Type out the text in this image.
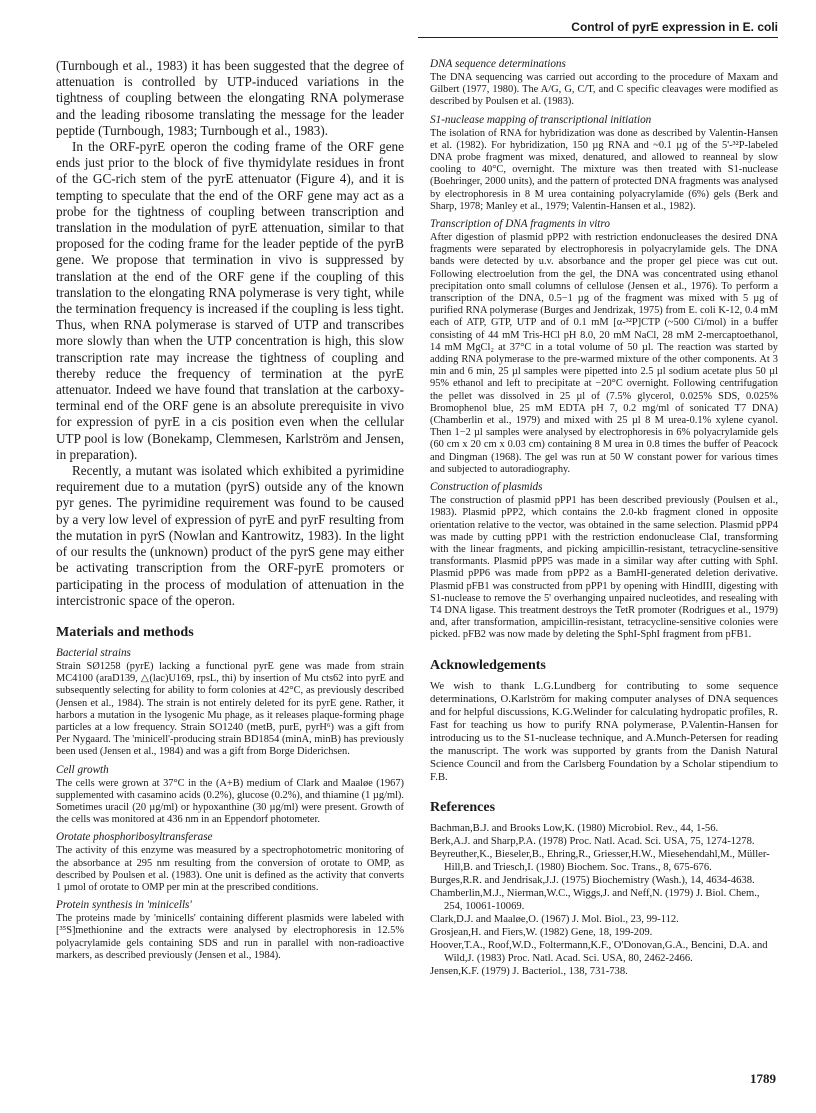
Control of pyrE expression in E. coli

(Turnbough et al., 1983) it has been suggested that the degree of attenuation is controlled by UTP-induced variations in the tightness of coupling between the elongating RNA polymerase and the leading ribosome translating the message for the leader peptide (Turnbough, 1983; Turnbough et al., 1983).

In the ORF-pyrE operon the coding frame of the ORF gene ends just prior to the block of five thymidylate residues in front of the GC-rich stem of the pyrE attenuator (Figure 4), and it is tempting to speculate that the end of the ORF gene may act as a probe for the tightness of coupling between transcription and translation in the modulation of pyrE attenuation, similar to that proposed for the coding frame for the leader peptide of the pyrB gene. We propose that termination in vivo is suppressed by translation at the end of the ORF gene if the coupling of this translation to the elongating RNA polymerase is very tight, while the termination frequency is increased if the coupling is less tight. Thus, when RNA polymerase is starved of UTP and transcribes more slowly than when the UTP concentration is high, this slow transcription rate may increase the tightness of coupling and thereby reduce the frequency of termination at the pyrE attenuator. Indeed we have found that translation at the carboxy-terminal end of the ORF gene is an absolute prerequisite in vivo for expression of pyrE in a cis position even when the cellular UTP pool is low (Bonekamp, Clemmesen, Karlström and Jensen, in preparation).

Recently, a mutant was isolated which exhibited a pyrimidine requirement due to a mutation (pyrS) outside any of the known pyr genes. The pyrimidine requirement was found to be caused by a very low level of expression of pyrE and pyrF resulting from the mutation in pyrS (Nowlan and Kantrowitz, 1983). In the light of our results the (unknown) product of the pyrS gene may either be activating transcription from the ORF-pyrE promoters or participating in the process of modulation of attenuation in the intercistronic space of the operon.

Materials and methods
Bacterial strains

Strain SØ1258 (pyrE) lacking a functional pyrE gene was made from strain MC4100 (araD139, △(lac)U169, rpsL, thi) by insertion of Mu cts62 into pyrE and subsequently selecting for ability to form colonies at 42°C, as previously described (Jensen et al., 1984). The strain is not entirely deleted for its pyrE gene. Rather, it harbors a mutation in the lysogenic Mu phage, as it releases plaque-forming phage particles at a low frequency. Strain SO1240 (metB, purE, pyrH⁶) was a gift from Per Nygaard. The 'minicell'-producing strain BD1854 (minA, minB) has previously been used (Jensen et al., 1984) and was a gift from Borge Diderichsen.

Cell growth

The cells were grown at 37°C in the (A+B) medium of Clark and Maaløe (1967) supplemented with casamino acids (0.2%), glucose (0.2%), and thiamine (1 µg/ml). Sometimes uracil (20 µg/ml) or hypoxanthine (30 µg/ml) were present. Growth of the cells was monitored at 436 nm in an Eppendorf photometer.

Orotate phosphoribosyltransferase

The activity of this enzyme was measured by a spectrophotometric monitoring of the absorbance at 295 nm resulting from the conversion of orotate to OMP, as described by Poulsen et al. (1983). One unit is defined as the activity that converts 1 µmol of orotate to OMP per min at the prescribed conditions.

Protein synthesis in 'minicells'

The proteins made by 'minicells' containing different plasmids were labeled with [³⁵S]methionine and the extracts were analysed by electrophoresis in 12.5% polyacrylamide gels containing SDS and run in parallel with non-radioactive markers, as described previously (Jensen et al., 1984).

DNA sequence determinations

The DNA sequencing was carried out according to the procedure of Maxam and Gilbert (1977, 1980). The A/G, G, C/T, and C specific cleavages were modified as described by Poulsen et al. (1983).

S1-nuclease mapping of transcriptional initiation

The isolation of RNA for hybridization was done as described by Valentin-Hansen et al. (1982). For hybridization, 150 µg RNA and ~0.1 µg of the 5'-³²P-labeled DNA probe fragment was mixed, denatured, and allowed to reanneal by slow cooling to 40°C, overnight. The mixture was then treated with S1-nuclease (Boehringer, 2000 units), and the pattern of protected DNA fragments was analysed by electrophoresis in 8 M urea containing polyacrylamide (6%) gels (Berk and Sharp, 1978; Manley et al., 1979; Valentin-Hansen et al., 1982).

Transcription of DNA fragments in vitro

After digestion of plasmid pPP2 with restriction endonucleases the desired DNA fragments were separated by electrophoresis in polyacrylamide gels. The DNA bands were detected by u.v. absorbance and the proper gel piece was cut out. Following electroelution from the gel, the DNA was concentrated using ethanol precipitation onto small columns of cellulose (Jensen et al., 1976). To perform a transcription of the DNA, 0.5−1 µg of the fragment was mixed with 5 µg of purified RNA polymerase (Burges and Jendrizak, 1975) from E. coli K-12, 0.4 mM each of ATP, GTP, UTP and of 0.1 mM [α-³²P]CTP (~500 Ci/mol) in a buffer consisting of 44 mM Tris-HCl pH 8.0, 20 mM NaCl, 28 mM 2-mercaptoethanol, 14 mM MgCl₂ at 37°C in a total volume of 50 µl. The reaction was started by adding RNA polymerase to the pre-warmed mixture of the other components. At 3 min and 6 min, 25 µl samples were pipetted into 2.5 µl sodium acetate plus 50 µl 95% ethanol and left to precipitate at −20°C overnight. Following centrifugation the pellet was dissolved in 25 µl of (7.5% glycerol, 0.025% SDS, 0.025% Bromophenol blue, 25 mM EDTA pH 7, 0.2 mg/ml of sonicated T7 DNA) (Chamberlin et al., 1979) and mixed with 25 µl 8 M urea-0.1% xylene cyanol. Then 1−2 µl samples were analysed by electrophoresis in 6% polyacrylamide gels (60 cm x 20 cm x 0.03 cm) containing 8 M urea in 0.8 times the buffer of Peacock and Dingman (1968). The gel was run at 50 W constant power for various times and subjected to autoradiography.

Construction of plasmids

The construction of plasmid pPP1 has been described previously (Poulsen et al., 1983). Plasmid pPP2, which contains the 2.0-kb fragment cloned in opposite orientation relative to the vector, was obtained in the same selection. Plasmid pPP4 was made by cutting pPP1 with the restriction endonuclease ClaI, transforming with the linear fragments, and picking ampicillin-resistant, tetracycline-sensitive transformants. Plasmid pPP5 was made in a similar way after cutting with SphI. Plasmid pPP6 was made from pPP2 as a BamHI-generated deletion derivative. Plasmid pFB1 was constructed from pPP1 by opening with HindIII, digesting with S1-nuclease to remove the 5' overhanging unpaired nucleotides, and resealing with T4 DNA ligase. This treatment destroys the TetR promoter (Rodrigues et al., 1979) and, after transformation, ampicillin-resistant, tetracycline-sensitive colonies were picked. pFB2 was now made by deleting the SphI-SphI fragment from pFB1.

Acknowledgements

We wish to thank L.G.Lundberg for contributing to some sequence determinations, O.Karlström for making computer analyses of DNA sequences and for helpful discussions, K.G.Welinder for calculating hydropatic profiles, R. Fast for teaching us how to purify RNA polymerase, P.Valentin-Hansen for introducing us to the S1-nuclease technique, and A.Munch-Petersen for reading the manuscript. The work was supported by grants from the Danish Natural Science Council and from the Carlsberg Foundation by a Scholar stipendium to F.B.

References

Bachman,B.J. and Brooks Low,K. (1980) Microbiol. Rev., 44, 1-56.

Berk,A.J. and Sharp,P.A. (1978) Proc. Natl. Acad. Sci. USA, 75, 1274-1278.

Beyreuther,K., Bieseler,B., Ehring,R., Griesser,H.W., Miesehendahl,M., Müller-Hill,B. and Triesch,I. (1980) Biochem. Soc. Trans., 8, 675-676.

Burges,R.R. and Jendrisak,J.J. (1975) Biochemistry (Wash.), 14, 4634-4638.

Chamberlin,M.J., Nierman,W.C., Wiggs,J. and Neff,N. (1979) J. Biol. Chem., 254, 10061-10069.

Clark,D.J. and Maaløe,O. (1967) J. Mol. Biol., 23, 99-112.

Grosjean,H. and Fiers,W. (1982) Gene, 18, 199-209.

Hoover,T.A., Roof,W.D., Foltermann,K.F., O'Donovan,G.A., Bencini, D.A. and Wild,J. (1983) Proc. Natl. Acad. Sci. USA, 80, 2462-2466.

Jensen,K.F. (1979) J. Bacteriol., 138, 731-738.

1789
